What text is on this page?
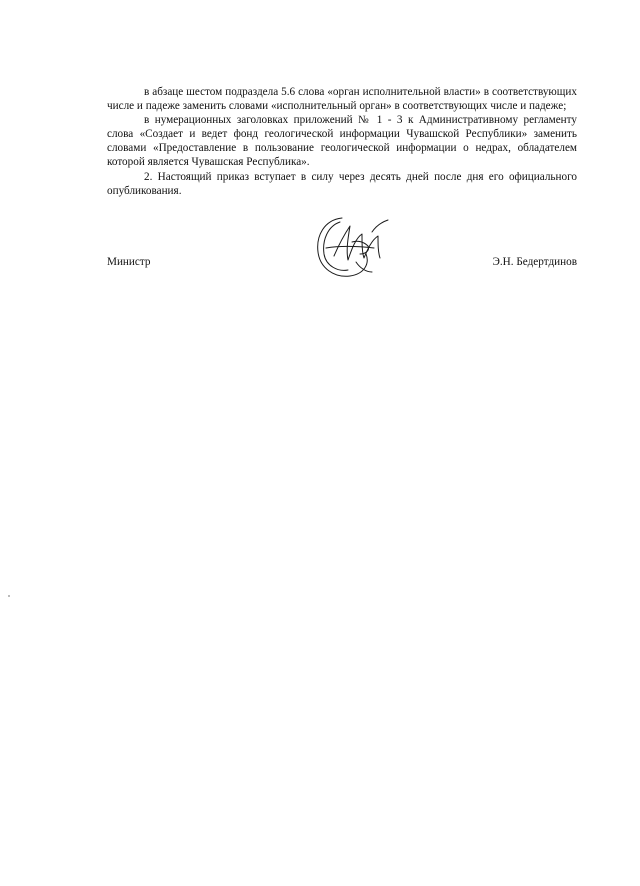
в абзаце шестом подраздела 5.6 слова «орган исполнительной власти» в соответствующих числе и падеже заменить словами «исполнительный орган» в соответствующих числе и падеже;

в нумерационных заголовках приложений № 1 - 3 к Административному регламенту слова «Создает и ведет фонд геологической информации Чувашской Республики» заменить словами «Предоставление в пользование геологической информации о недрах, обладателем которой является Чувашская Республика».

2. Настоящий приказ вступает в силу через десять дней после дня его официального опубликования.

Министр	Э.Н. Бедертдинов
